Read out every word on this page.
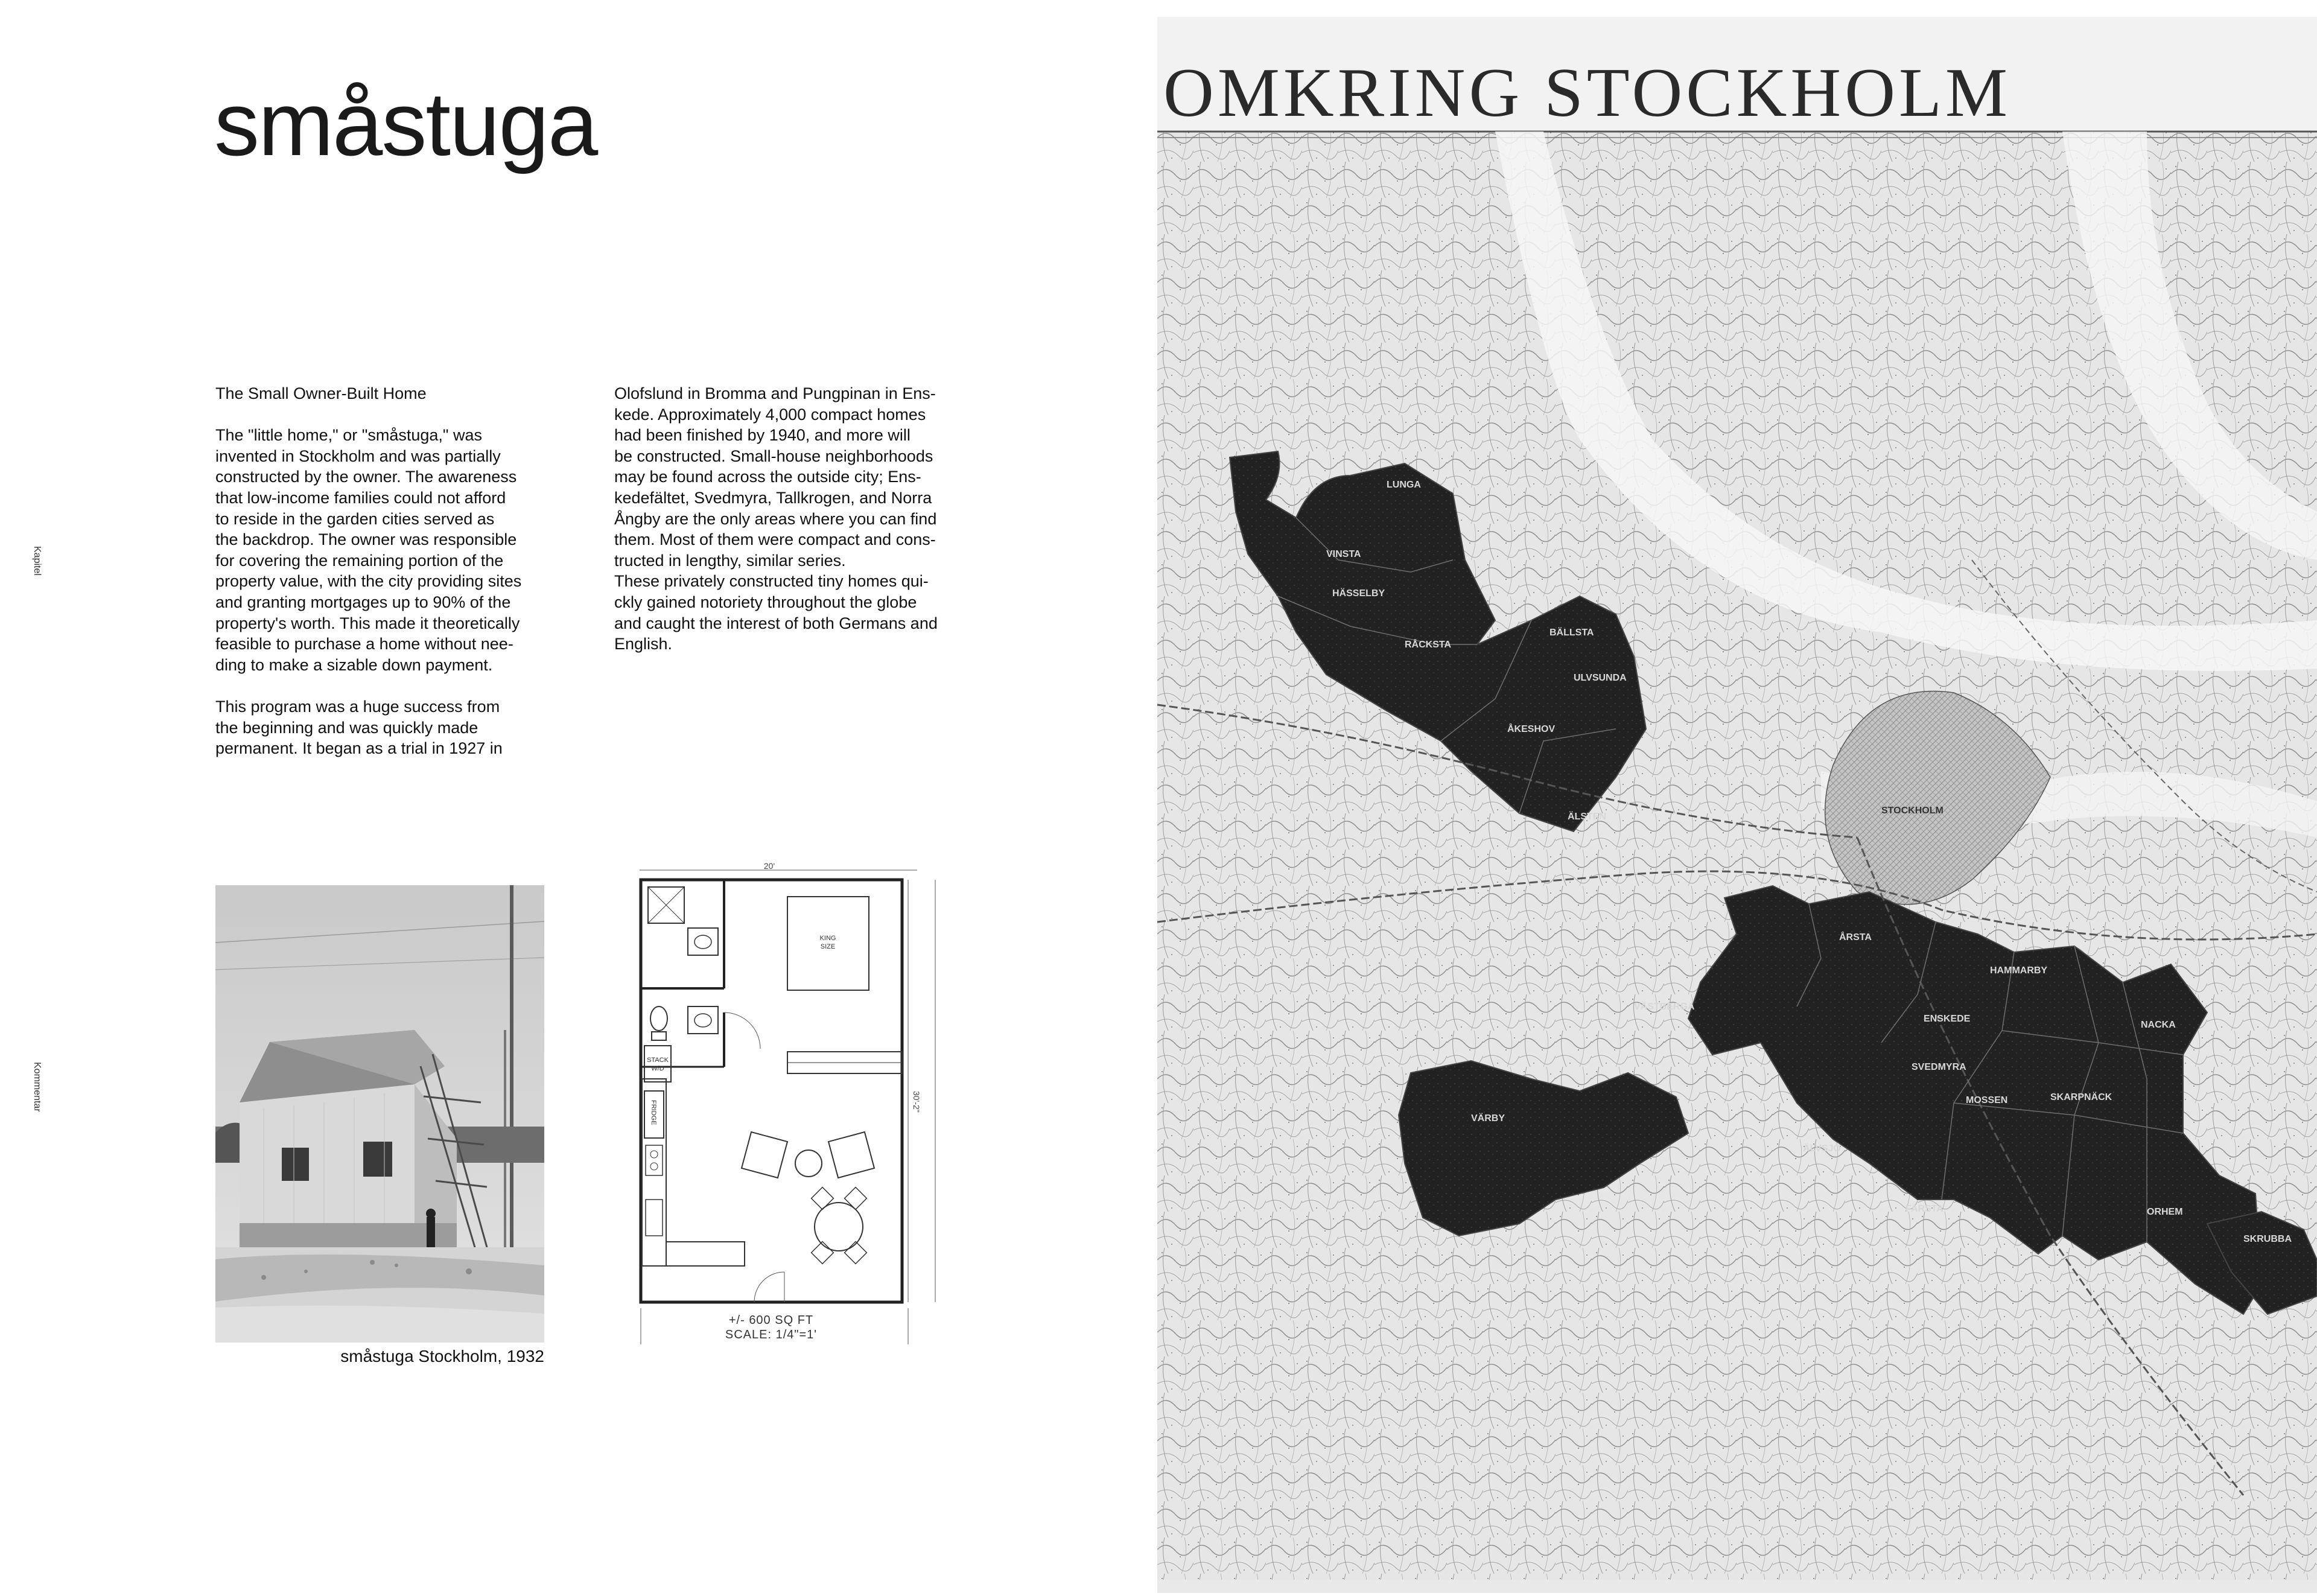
Kapitel
Kommentar
småstuga

The Small Owner-Built Home

The "little home," or "småstuga," was
invented in Stockholm and was partially
constructed by the owner. The awareness
that low-income families could not afford
to reside in the garden cities served as
the backdrop. The owner was responsible
for covering the remaining portion of the
property value, with the city providing sites
and granting mortgages up to 90% of the
property's worth. This made it theoretically
feasible to purchase a home without nee-
ding to make a sizable down payment.

This program was a huge success from
the beginning and was quickly made
permanent. It began as a trial in 1927 in

Olofslund in Bromma and Pungpinan in Ens-
kede. Approximately 4,000 compact homes
had been finished by 1940, and more will
be constructed. Small-house neighborhoods
may be found across the outside city; Ens-
kedefältet, Svedmyra, Tallkrogen, and Norra
Ångby are the only areas where you can find
them. Most of them were compact and cons-
tructed in lengthy, similar series.
These privately constructed tiny homes qui-
ckly gained notoriety throughout the globe
and caught the interest of both Germans and
English.

småstuga Stockholm, 1932
20'
30'-2"
STACK
W/D
KING
SIZE
FRIDGE
+/- 600 SQ FT
SCALE: 1/4"=1'
LUNGA
VINSTA
HÄSSELBY
RÅCKSTA
BÄLLSTA
ULVSUNDA
ÅKESHOV
ÄLSTEN
STOCKHOLM
ÅRSTA
HAMMARBY
VÄSTBERGA
ENSKEDE
NACKA
VÄRBY
ÄLVSJÖ
SVEDMYRA
MOSSEN	SKARPNÄCK
FARSTA	ORHEM
SKRUBBA
OMKRING STOCKHOLM
